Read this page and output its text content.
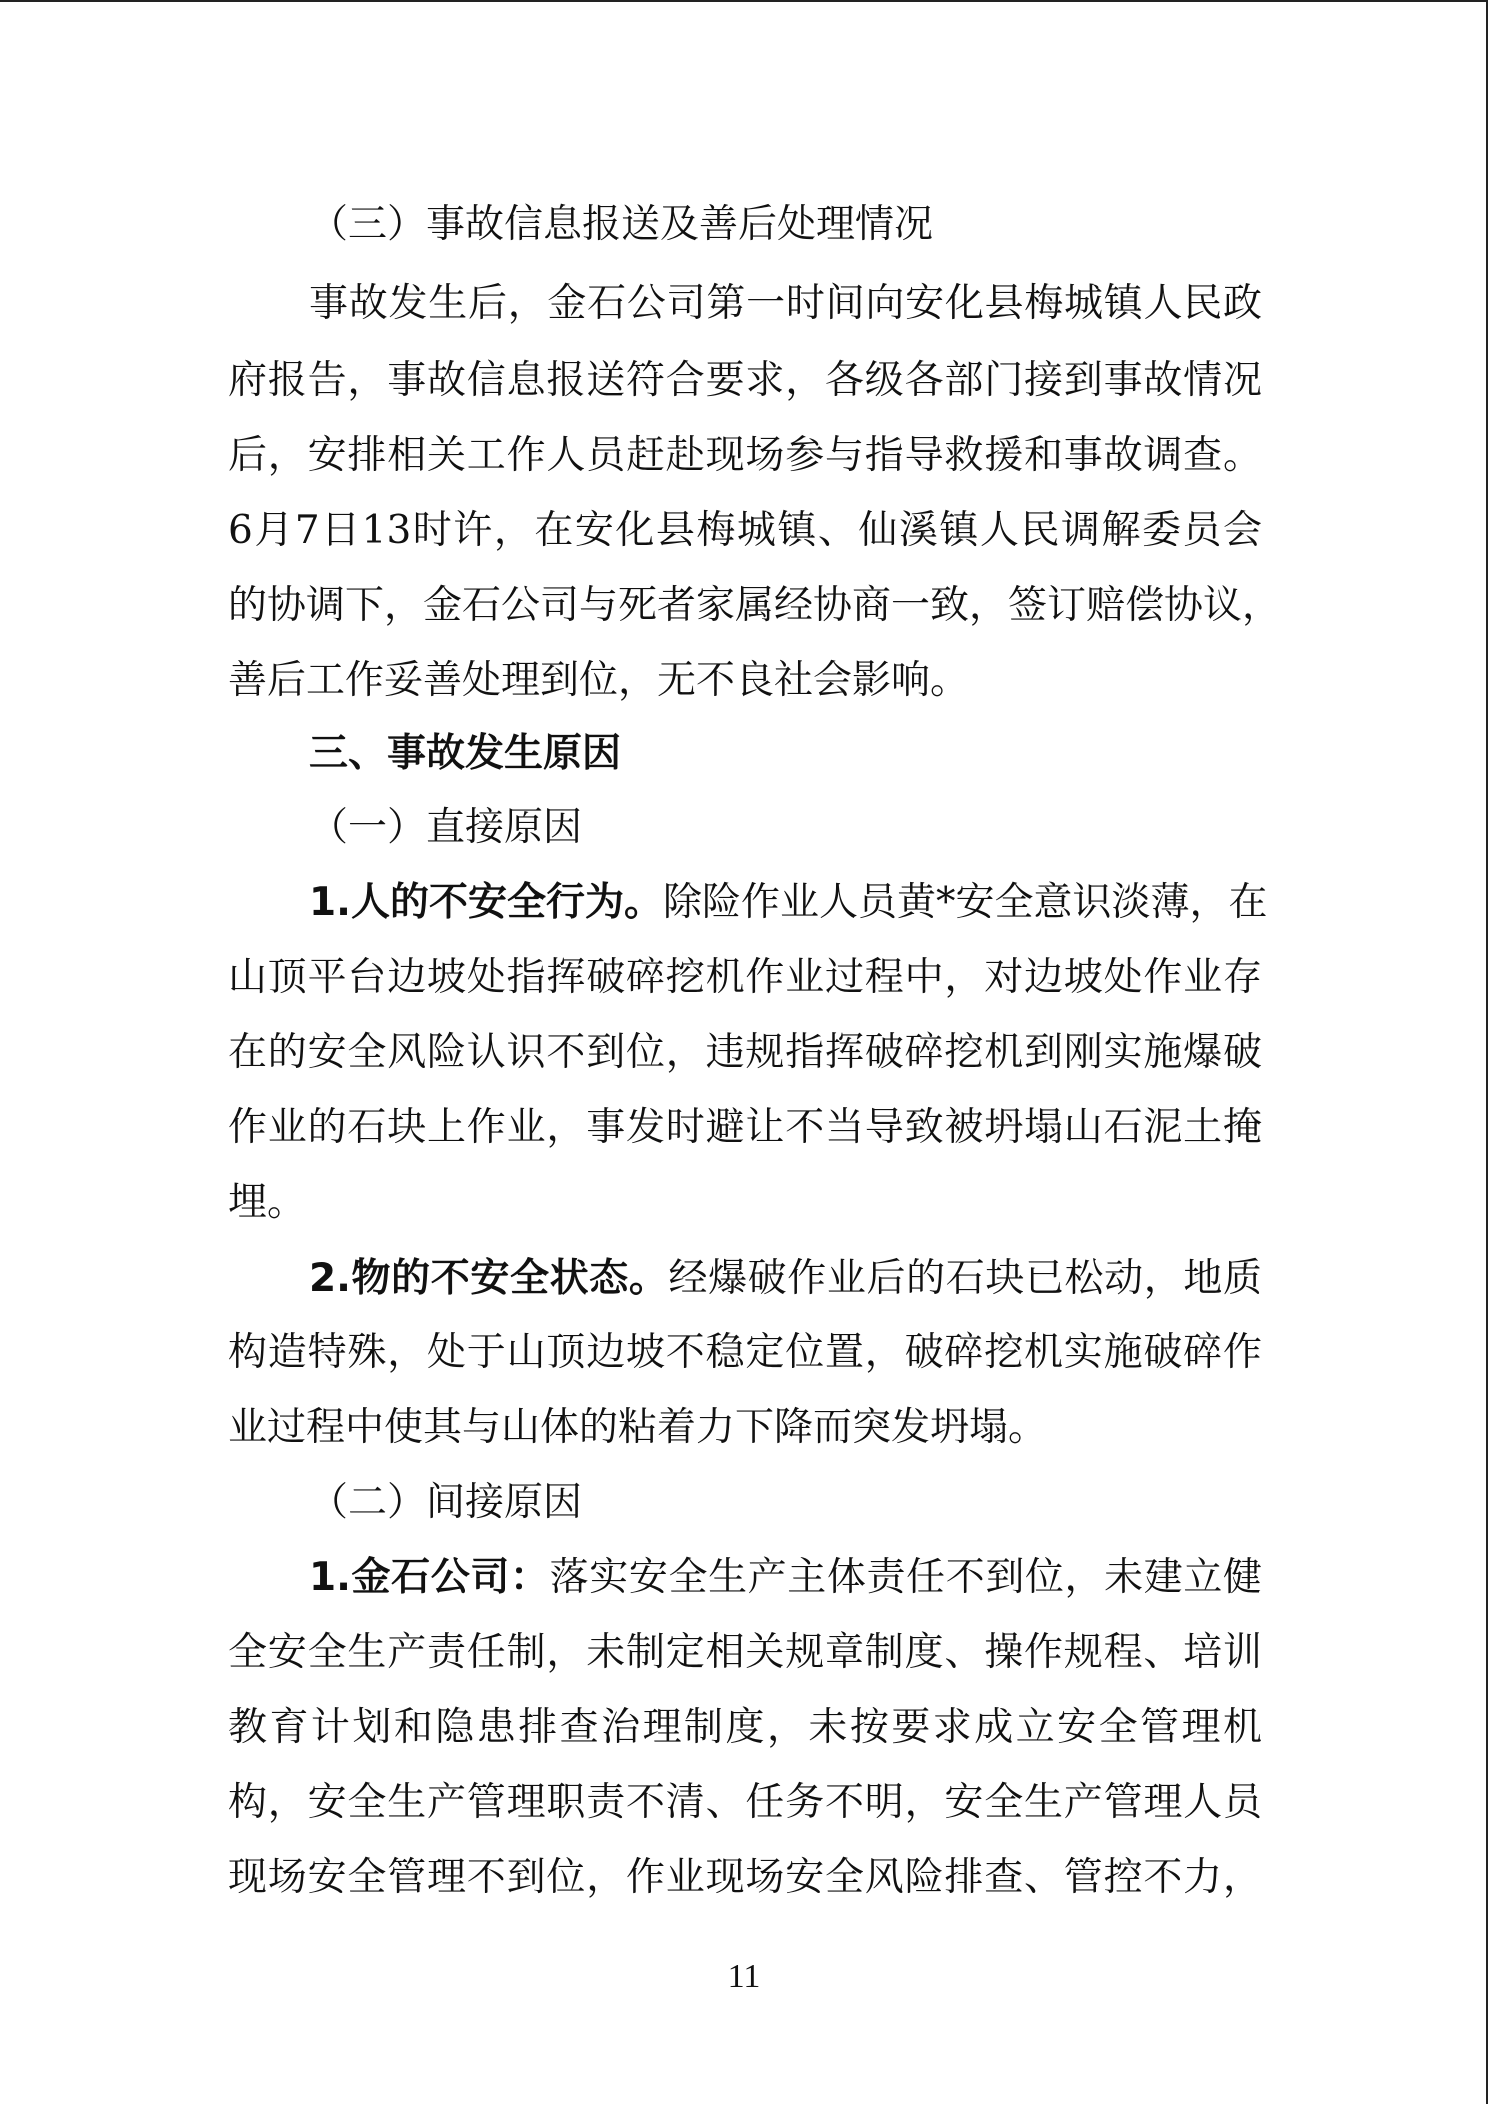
（三）事故信息报送及善后处理情况
事故发生后，金石公司第一时间向安化县梅城镇人民政
府报告，事故信息报送符合要求，各级各部门接到事故情况
后，安排相关工作人员赶赴现场参与指导救援和事故调查。
6月7日13时许，在安化县梅城镇、仙溪镇人民调解委员会
的协调下，金石公司与死者家属经协商一致，签订赔偿协议，
善后工作妥善处理到位，无不良社会影响。
三、事故发生原因
（一）直接原因
1.人的不安全行为。除险作业人员黄*安全意识淡薄，在
山顶平台边坡处指挥破碎挖机作业过程中，对边坡处作业存
在的安全风险认识不到位，违规指挥破碎挖机到刚实施爆破
作业的石块上作业，事发时避让不当导致被坍塌山石泥土掩
埋。
2.物的不安全状态。经爆破作业后的石块已松动，地质
构造特殊，处于山顶边坡不稳定位置，破碎挖机实施破碎作
业过程中使其与山体的粘着力下降而突发坍塌。
（二）间接原因
1.金石公司：落实安全生产主体责任不到位，未建立健
全安全生产责任制，未制定相关规章制度、操作规程、培训
教育计划和隐患排查治理制度，未按要求成立安全管理机
构，安全生产管理职责不清、任务不明，安全生产管理人员
现场安全管理不到位，作业现场安全风险排查、管控不力，
11
